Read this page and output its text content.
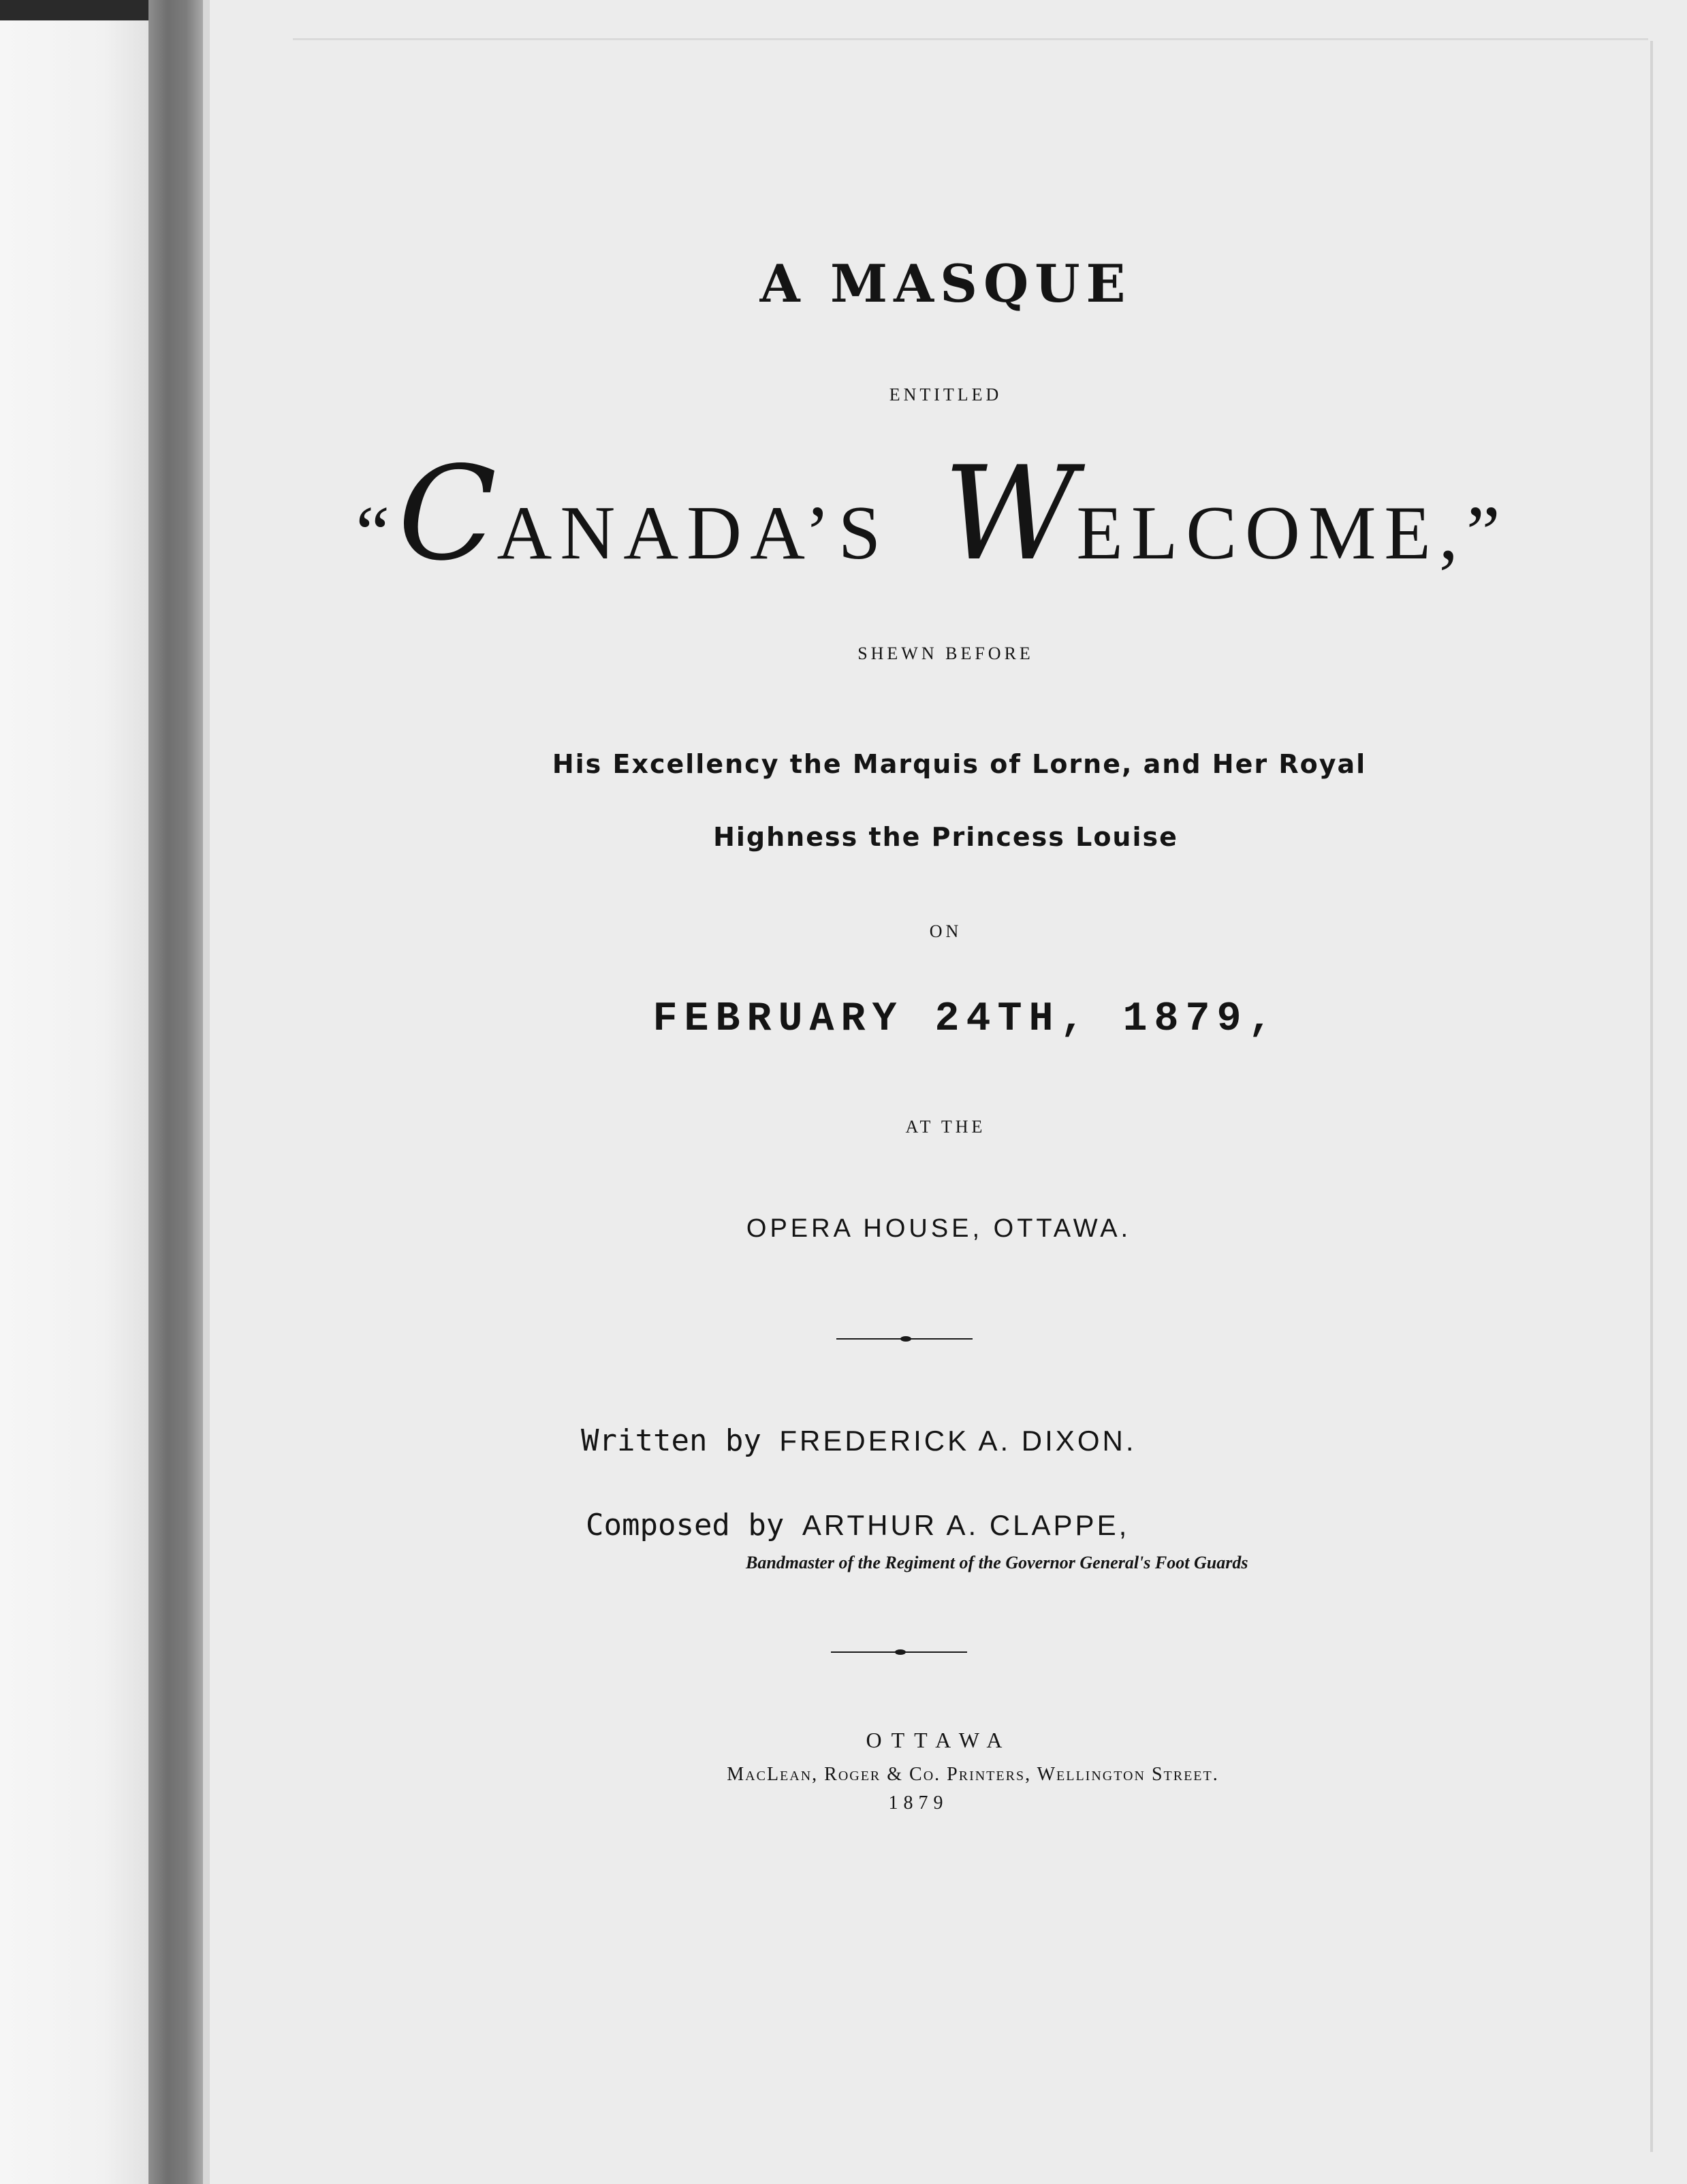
A MASQUE
ENTITLED
“CANADA’S WELCOME,”
SHEWN BEFORE
His Excellency the Marquis of Lorne, and Her Royal
Highness the Princess Louise
ON
FEBRUARY 24TH, 1879,
AT THE
OPERA HOUSE, OTTAWA.
Written by FREDERICK A. DIXON.
Composed by ARTHUR A. CLAPPE,
Bandmaster of the Regiment of the Governor General's Foot Guards
OTTAWA
MacLean, Roger & Co. Printers, Wellington Street.
1879
